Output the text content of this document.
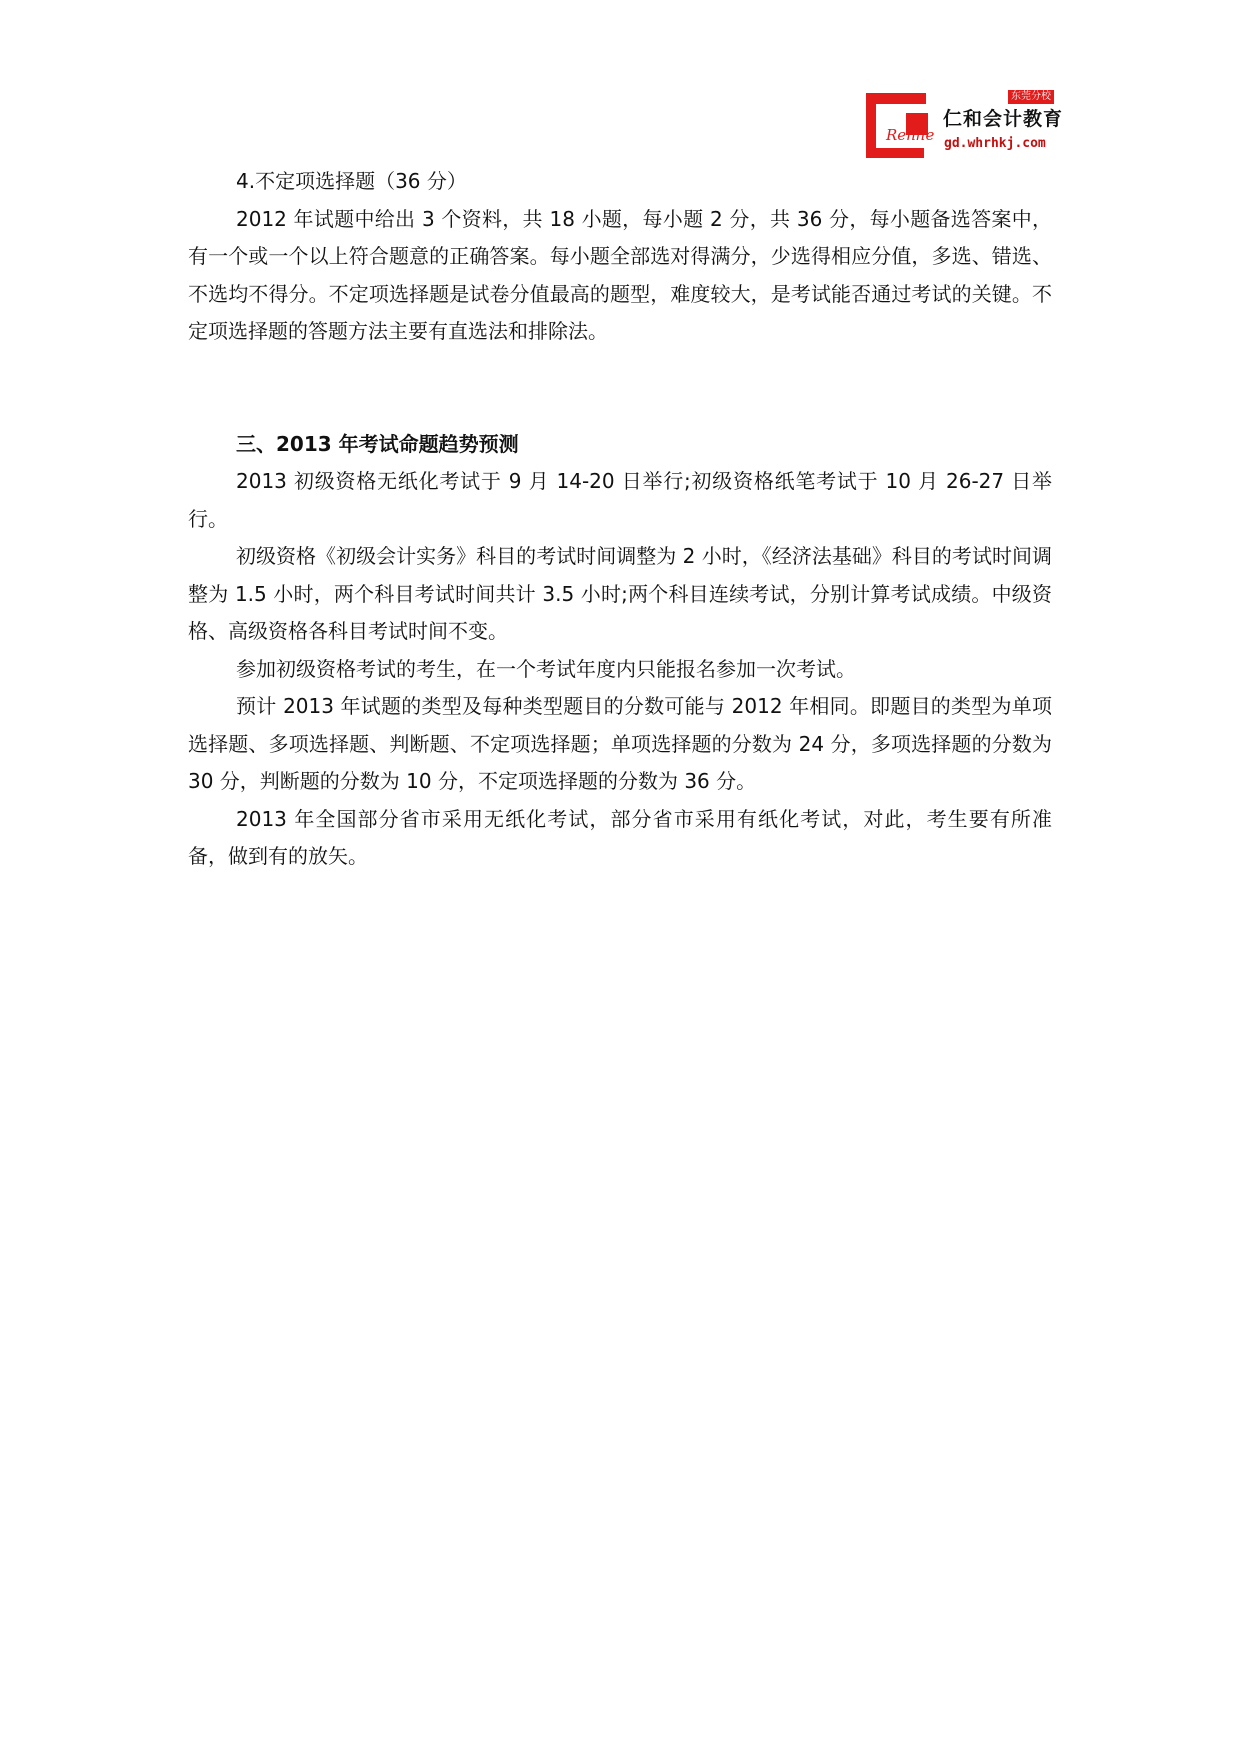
Renhe
东莞分校
仁和会计教育
gd.whrhkj.com

4.不定项选择题（36 分）

2012 年试题中给出 3 个资料，共 18 小题，每小题 2 分，共 36 分，每小题备选答案中，有一个或一个以上符合题意的正确答案。每小题全部选对得满分，少选得相应分值，多选、错选、不选均不得分。不定项选择题是试卷分值最高的题型，难度较大，是考试能否通过考试的关键。不定项选择题的答题方法主要有直选法和排除法。

三、2013 年考试命题趋势预测

2013 初级资格无纸化考试于 9 月 14-20 日举行;初级资格纸笔考试于 10 月 26-27 日举行。

初级资格《初级会计实务》科目的考试时间调整为 2 小时，《经济法基础》科目的考试时间调整为 1.5 小时，两个科目考试时间共计 3.5 小时;两个科目连续考试，分别计算考试成绩。中级资格、高级资格各科目考试时间不变。

参加初级资格考试的考生，在一个考试年度内只能报名参加一次考试。

预计 2013 年试题的类型及每种类型题目的分数可能与 2012 年相同。即题目的类型为单项选择题、多项选择题、判断题、不定项选择题；单项选择题的分数为 24 分，多项选择题的分数为 30 分，判断题的分数为 10 分，不定项选择题的分数为 36 分。

2013 年全国部分省市采用无纸化考试，部分省市采用有纸化考试，对此，考生要有所准备，做到有的放矢。
